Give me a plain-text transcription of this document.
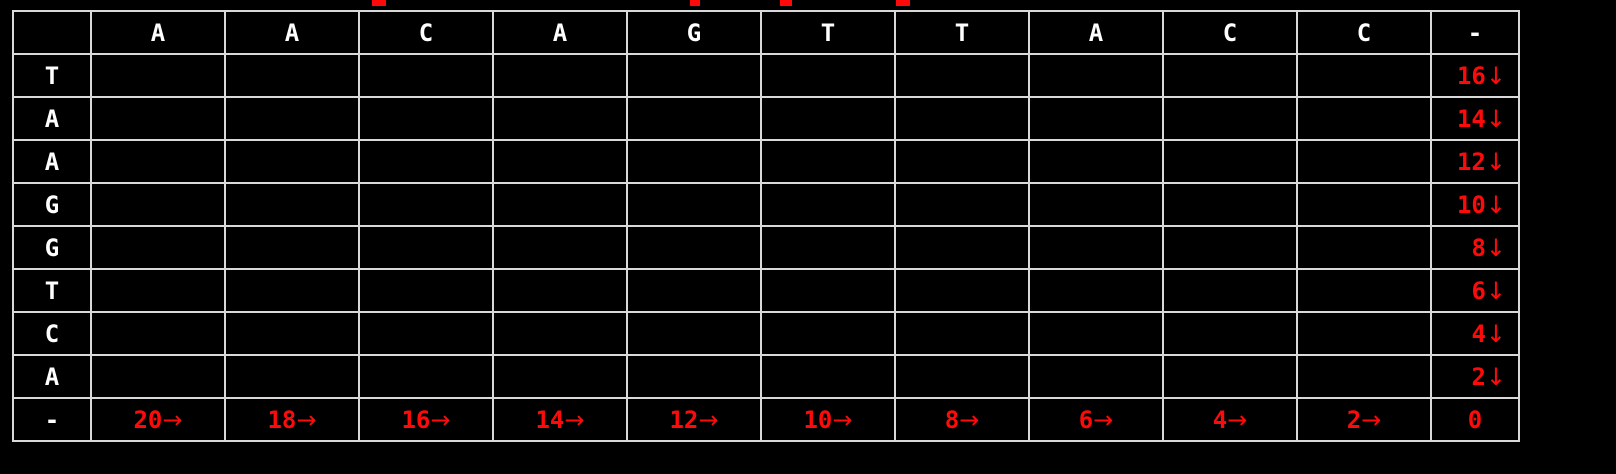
	A	A	C	A	G	T	T	A	C	C	-
T											16↓
A											14↓
A											12↓
G											10↓
G											8↓
T											6↓
C											4↓
A											2↓
-	20→	18→	16→	14→	12→	10→	8→	6→	4→	2→	0
